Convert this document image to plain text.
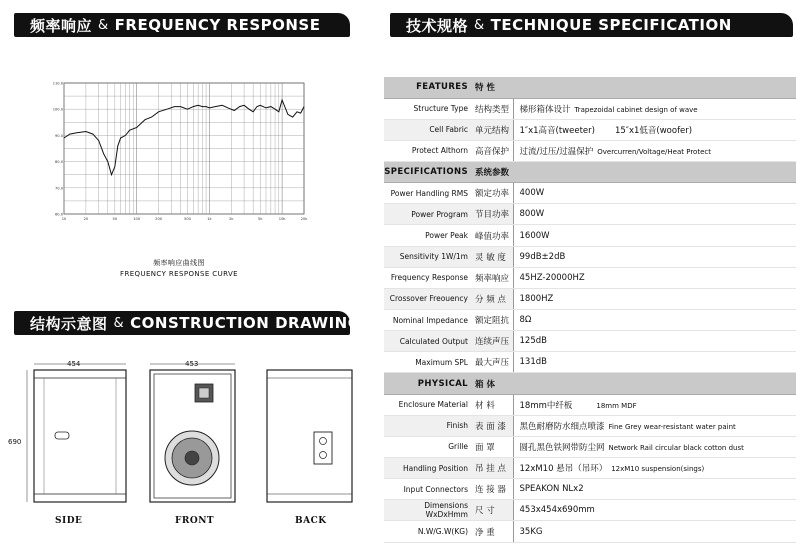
频率响应 & FREQUENCY RESPONSE	技术规格 & TECHNIQUE SPECIFICATION
结构示意图 & CONSTRUCTION DRAWING
110.0
100.0
90.0
80.0
70.0
60.0
10	20	50	100	200	500	1k	2k	5k	10k	20k
频率响应曲线图
FREQUENCY RESPONSE CURVE
454
690
453
SIDE	FRONT	BACK
FEATURES	特 性	
Structure Type	结构类型	梯形箱体设计 Trapezoidal cabinet design of wave
Cell Fabric	单元结构	1″x1高音(tweeter) 15″x1低音(woofer)
Protect Althorn	高音保护	过流/过压/过温保护 Overcurren/Voltage/Heat Protect
SPECIFICATIONS	系统参数	
Power Handling RMS	额定功率	400W
Power Program	节目功率	800W
Power Peak	峰值功率	1600W
Sensitivity 1W/1m	灵 敏 度	99dB±2dB
Frequency Response	频率响应	45HZ-20000HZ
Crossover Freouency	分 频 点	1800HZ
Nominal Impedance	额定阻抗	8Ω
Calculated Output	连续声压	125dB
Maximum SPL	最大声压	131dB
PHYSICAL	箱 体	
Enclosure Material	材 料	18mm中纤板 18mm MDF
Finish	表 面 漆	黑色耐磨防水细点喷漆 Fine Grey wear-resistant water paint
Grille	面 罩	圆孔黑色铁网带防尘网 Network Rail circular black cotton dust
Handling Position	吊 挂 点	12xM10 悬吊（吊环） 12xM10 suspension(sings)
Input Connectors	连 接 器	SPEAKON NLx2
Dimensions WxDxHmm	尺 寸	453x454x690mm
N.W/G.W(KG)	净 重	35KG
